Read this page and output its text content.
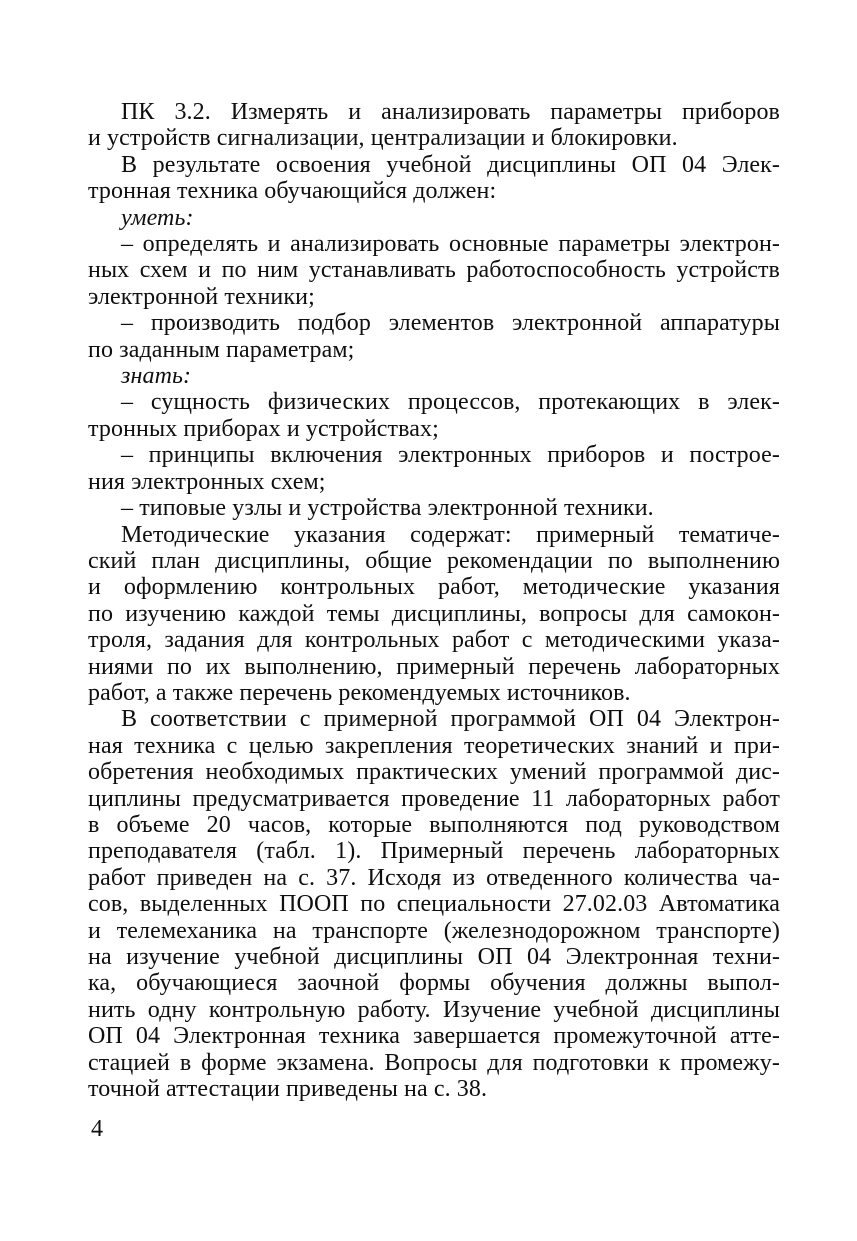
ПК 3.2. Измерять и анализировать параметры приборов
и устройств сигнализации, централизации и блокировки.
В результате освоения учебной дисциплины ОП 04 Элек-
тронная техника обучающийся должен:
уметь:
– определять и анализировать основные параметры электрон-
ных схем и по ним устанавливать работоспособность устройств
электронной техники;
– производить подбор элементов электронной аппаратуры
по заданным параметрам;
знать:
– сущность физических процессов, протекающих в элек-
тронных приборах и устройствах;
– принципы включения электронных приборов и построе-
ния электронных схем;
– типовые узлы и устройства электронной техники.
Методические указания содержат: примерный тематиче-
ский план дисциплины, общие рекомендации по выполнению
и оформлению контрольных работ, методические указания
по изучению каждой темы дисциплины, вопросы для самокон-
троля, задания для контрольных работ с методическими указа-
ниями по их выполнению, примерный перечень лабораторных
работ, а также перечень рекомендуемых источников.
В соответствии с примерной программой ОП 04 Электрон-
ная техника с целью закрепления теоретических знаний и при-
обретения необходимых практических умений программой дис-
циплины предусматривается проведение 11 лабораторных работ
в объеме 20 часов, которые выполняются под руководством
преподавателя (табл. 1). Примерный перечень лабораторных
работ приведен на с. 37. Исходя из отведенного количества ча-
сов, выделенных ПООП по специальности 27.02.03 Автоматика
и телемеханика на транспорте (железнодорожном транспорте)
на изучение учебной дисциплины ОП 04 Электронная техни-
ка, обучающиеся заочной формы обучения должны выпол-
нить одну контрольную работу. Изучение учебной дисциплины
ОП 04 Электронная техника завершается промежуточной атте-
стацией в форме экзамена. Вопросы для подготовки к промежу-
точной аттестации приведены на с. 38.
4
